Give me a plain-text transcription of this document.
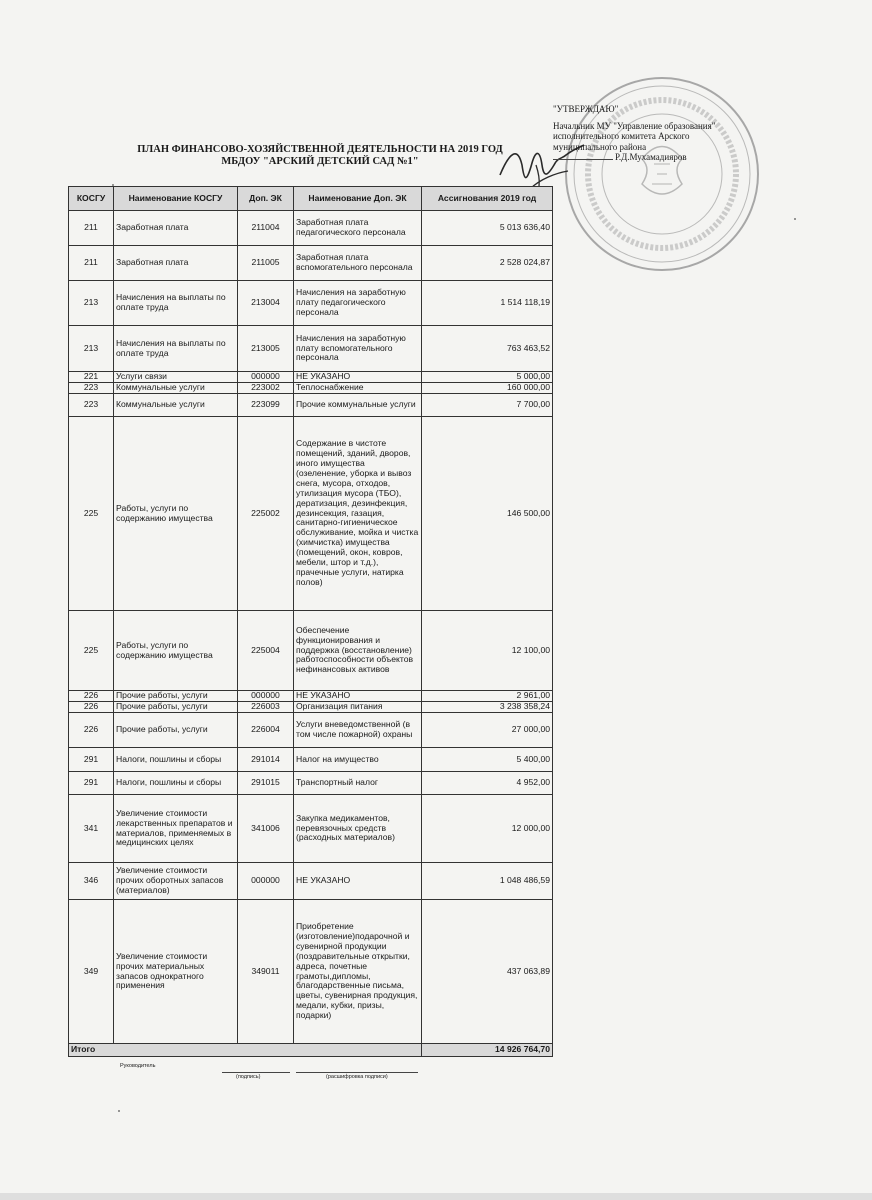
"УТВЕРЖДАЮ"
Начальник МУ "Управление образования"
исполнительного комитета Арского
муниципального района
Р.Д.Мухамадияров
ПЛАН ФИНАНСОВО-ХОЗЯЙСТВЕННОЙ ДЕЯТЕЛЬНОСТИ НА 2019 ГОД
МБДОУ "АРСКИЙ ДЕТСКИЙ САД №1"
КОСГУ	Наименование КОСГУ	Доп. ЭК	Наименование Доп. ЭК	Ассигнования 2019 год
211	Заработная плата	211004	Заработная плата педагогического персонала	5 013 636,40
211	Заработная плата	211005	Заработная плата вспомогательного персонала	2 528 024,87
213	Начисления на выплаты по оплате труда	213004	Начисления на заработную плату педагогического персонала	1 514 118,19
213	Начисления на выплаты по оплате труда	213005	Начисления на заработную плату вспомогательного персонала	763 463,52
221	Услуги связи	000000	НЕ УКАЗАНО	5 000,00
223	Коммунальные услуги	223002	Теплоснабжение	160 000,00
223	Коммунальные услуги	223099	Прочие коммунальные услуги	7 700,00
225	Работы, услуги по содержанию имущества	225002	Содержание в чистоте помещений, зданий, дворов, иного имущества (озеленение, уборка и вывоз снега, мусора, отходов, утилизация мусора (ТБО), дератизация, дезинфекция, дезинсекция, газация, санитарно-гигиеническое обслуживание, мойка и чистка (химчистка) имущества (помещений, окон, ковров, мебели, штор и т.д.), прачечные услуги, натирка полов)	146 500,00
225	Работы, услуги по содержанию имущества	225004	Обеспечение функционирования и поддержка (восстановление) работоспособности объектов нефинансовых активов	12 100,00
226	Прочие работы, услуги	000000	НЕ УКАЗАНО	2 961,00
226	Прочие работы, услуги	226003	Организация питания	3 238 358,24
226	Прочие работы, услуги	226004	Услуги вневедомственной (в том числе пожарной) охраны	27 000,00
291	Налоги, пошлины и сборы	291014	Налог на имущество	5 400,00
291	Налоги, пошлины и сборы	291015	Транспортный налог	4 952,00
341	Увеличение стоимости лекарственных препаратов и материалов, применяемых в медицинских целях	341006	Закупка медикаментов, перевязочных средств (расходных материалов)	12 000,00
346	Увеличение стоимости прочих оборотных запасов (материалов)	000000	НЕ УКАЗАНО	1 048 486,59
349	Увеличение стоимости прочих материальных запасов однократного применения	349011	Приобретение (изготовление)подарочной и сувенирной продукции (поздравительные открытки, адреса, почетные грамоты,дипломы, благодарственные письма, цветы, сувенирная продукция, медали, кубки, призы, подарки)	437 063,89
Итого				14 926 764,70
Руководитель
(подпись)	(расшифровка подписи)
